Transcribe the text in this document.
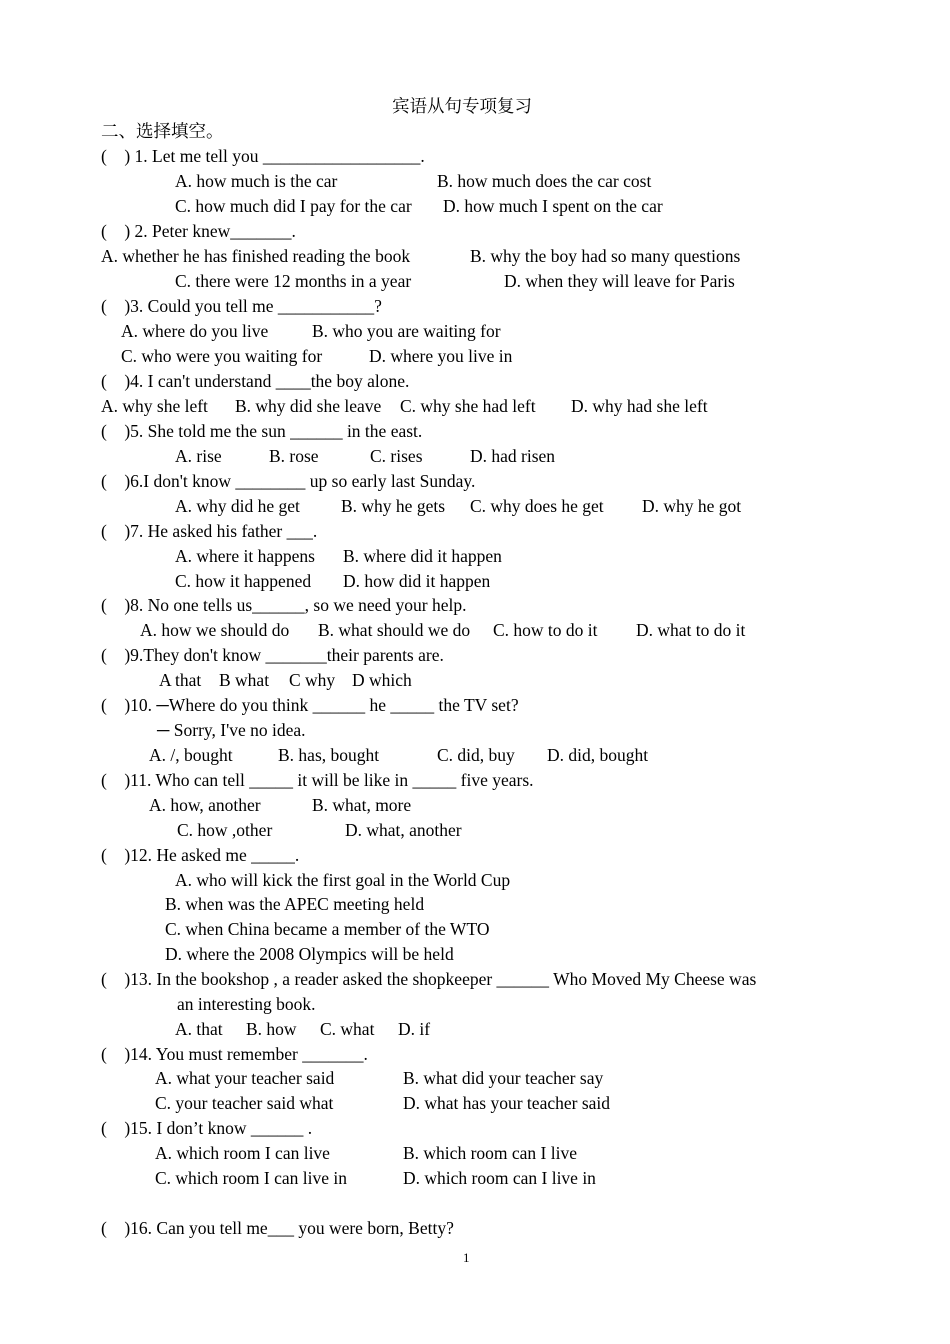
宾语从句专项复习
二、选择填空。
(    ) 1. Let me tell you __________________.
A. how much is the car	B. how much does the car cost
C. how much did I pay for the car D. how much I spent on the car
(    ) 2. Peter knew_______.
A. whether he has finished reading the book	B. why the boy had so many questions
C. there were 12 months in a year	D. when they will leave for Paris
(    )3. Could you tell me ___________?
A. where do you live B. who you are waiting for
C. who were you waiting for	D. where you live in
(    )4. I can't understand ____the boy alone.
A. why she left B. why did she leave C. why she had left D. why had she left
(    )5. She told me the sun ______ in the east.
A. rise	B. rose	C. rises	D. had risen
(    )6.I don't know ________ up so early last Sunday.
A. why did he get B. why he gets C. why does he get D. why he got
(    )7. He asked his father ___.
A. where it happens B. where did it happen
C. how it happened D. how did it happen
(    )8. No one tells us______, so we need your help.
A. how we should do B. what should we do C. how to do it D. what to do it
(    )9.They don't know _______their parents are.
A that B what C why D which
(    )10. ─Where do you think ______ he _____ the TV set?
─ Sorry, I've no idea.
A. /, bought	B. has, bought	C. did, buy D. did, bought
(    )11. Who can tell _____ it will be like in _____ five years.
A. how, another	B. what, more
C. how ,other	D. what, another
(    )12. He asked me _____.
A. who will kick the first goal in the World Cup
B. when was the APEC meeting held
C. when China became a member of the WTO
D. where the 2008 Olympics will be held
(    )13. In the bookshop , a reader asked the shopkeeper ______ Who Moved My Cheese was
an interesting book.
A. that B. how C. what D. if
(    )14. You must remember _______.
A. what your teacher said	B. what did your teacher say
C. your teacher said what	D. what has your teacher said
(    )15. I don’t know ______ .
A. which room I can live	B. which room can I live
C. which room I can live in	D. which room can I live in
(    )16. Can you tell me___ you were born, Betty?
1
